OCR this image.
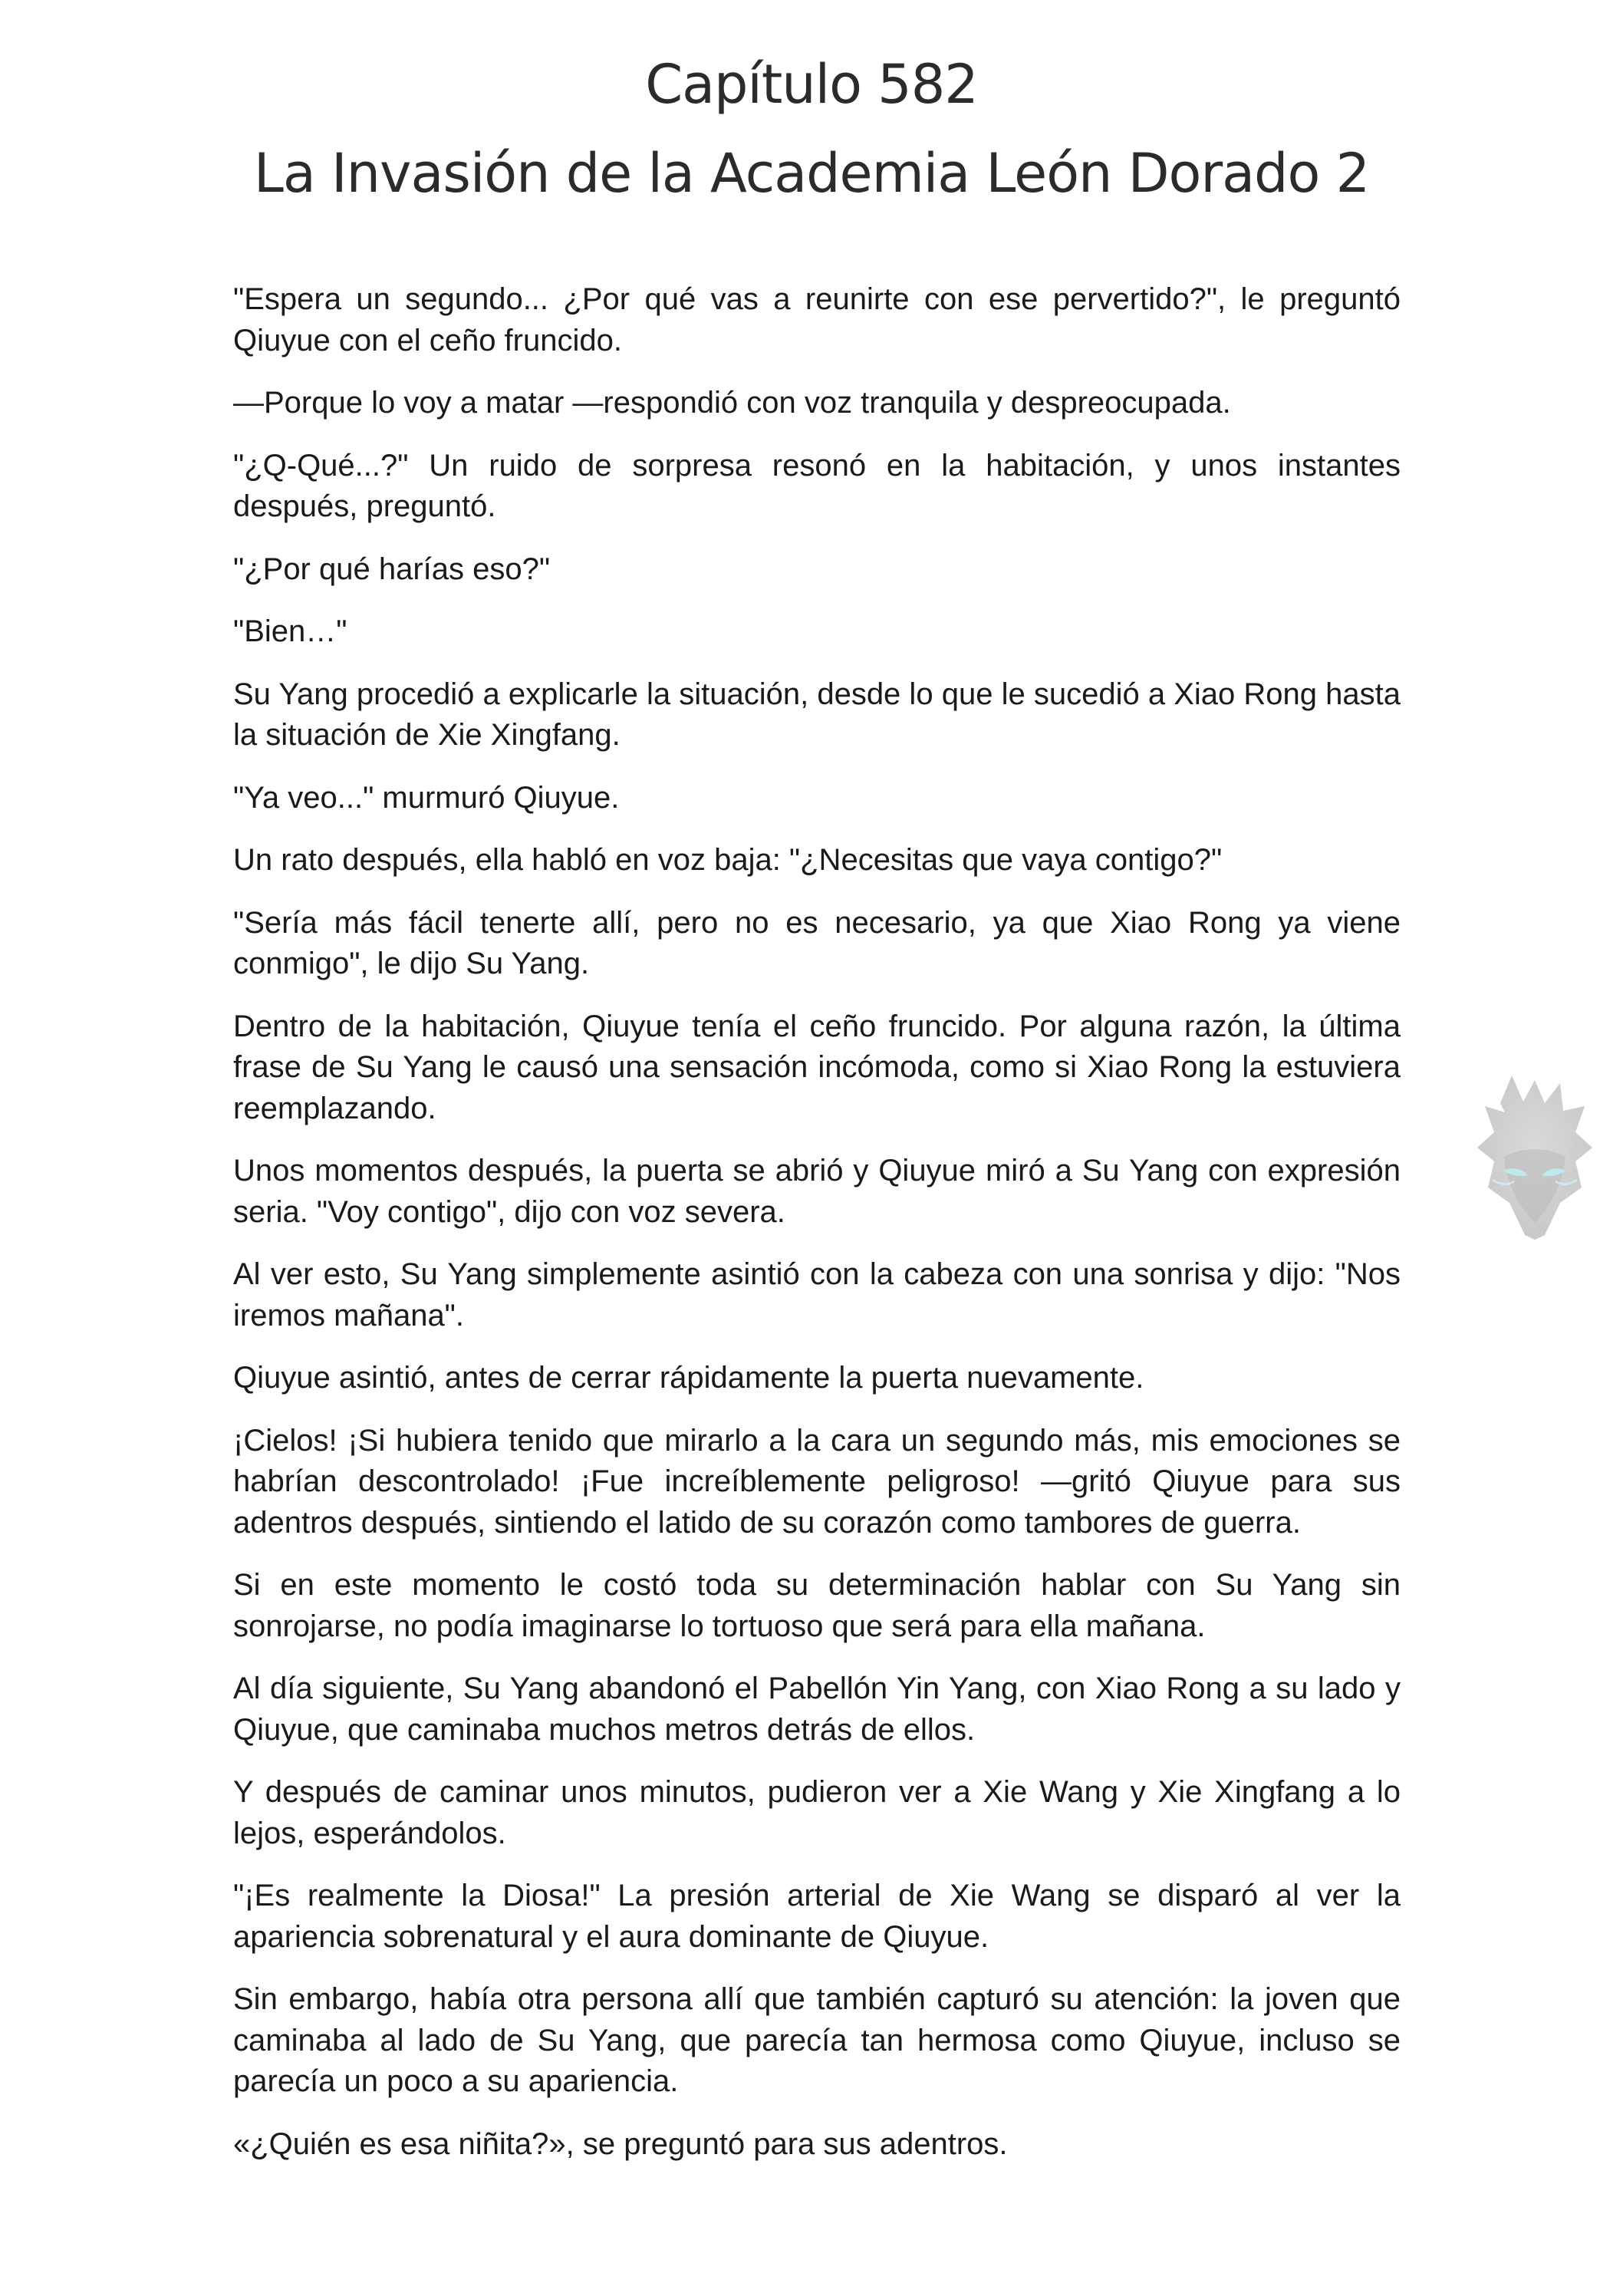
Capítulo 582
La Invasión de la Academia León Dorado 2

"Espera un segundo... ¿Por qué vas a reunirte con ese pervertido?", le preguntó Qiuyue con el ceño fruncido.

—Porque lo voy a matar —respondió con voz tranquila y despreocupada.

"¿Q-Qué...?" Un ruido de sorpresa resonó en la habitación, y unos instantes después, preguntó.

"¿Por qué harías eso?"

"Bien…"

Su Yang procedió a explicarle la situación, desde lo que le sucedió a Xiao Rong hasta la situación de Xie Xingfang.

"Ya veo..." murmuró Qiuyue.

Un rato después, ella habló en voz baja: "¿Necesitas que vaya contigo?"

"Sería más fácil tenerte allí, pero no es necesario, ya que Xiao Rong ya viene conmigo", le dijo Su Yang.

Dentro de la habitación, Qiuyue tenía el ceño fruncido. Por alguna razón, la última frase de Su Yang le causó una sensación incómoda, como si Xiao Rong la estuviera reemplazando.

Unos momentos después, la puerta se abrió y Qiuyue miró a Su Yang con expresión seria. "Voy contigo", dijo con voz severa.

Al ver esto, Su Yang simplemente asintió con la cabeza con una sonrisa y dijo: "Nos iremos mañana".

Qiuyue asintió, antes de cerrar rápidamente la puerta nuevamente.

¡Cielos! ¡Si hubiera tenido que mirarlo a la cara un segundo más, mis emociones se habrían descontrolado! ¡Fue increíblemente peligroso! —gritó Qiuyue para sus adentros después, sintiendo el latido de su corazón como tambores de guerra.

Si en este momento le costó toda su determinación hablar con Su Yang sin sonrojarse, no podía imaginarse lo tortuoso que será para ella mañana.

Al día siguiente, Su Yang abandonó el Pabellón Yin Yang, con Xiao Rong a su lado y Qiuyue, que caminaba muchos metros detrás de ellos.

Y después de caminar unos minutos, pudieron ver a Xie Wang y Xie Xingfang a lo lejos, esperándolos.

"¡Es realmente la Diosa!" La presión arterial de Xie Wang se disparó al ver la apariencia sobrenatural y el aura dominante de Qiuyue.

Sin embargo, había otra persona allí que también capturó su atención: la joven que caminaba al lado de Su Yang, que parecía tan hermosa como Qiuyue, incluso se parecía un poco a su apariencia.

«¿Quién es esa niñita?», se preguntó para sus adentros.
